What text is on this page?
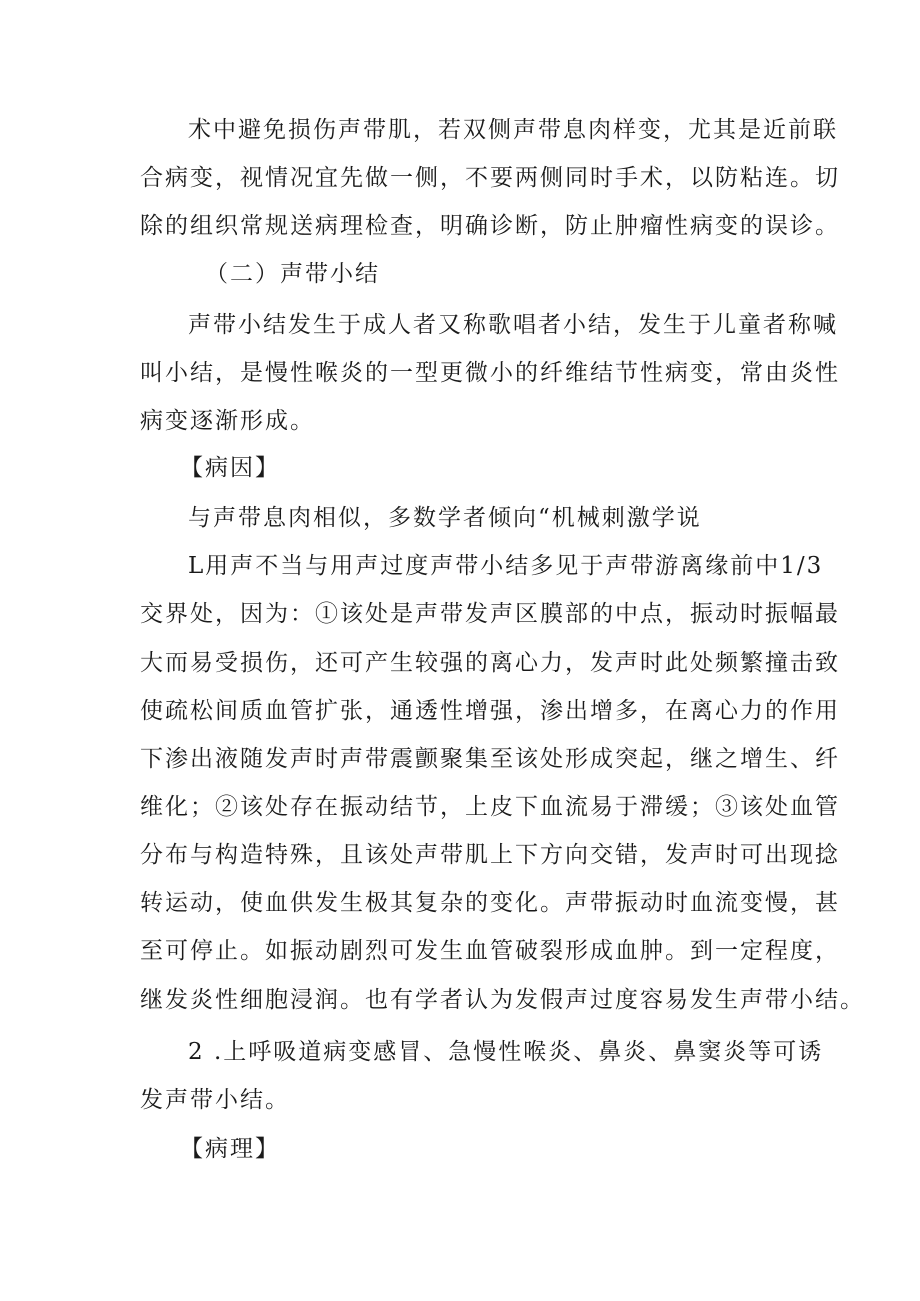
术中避免损伤声带肌，若双侧声带息肉样变，尤其是近前联
合病变，视情况宜先做一侧，不要两侧同时手术，以防粘连。切
除的组织常规送病理检查，明确诊断，防止肿瘤性病变的误诊。
（二）声带小结
声带小结发生于成人者又称歌唱者小结，发生于儿童者称喊
叫小结，是慢性喉炎的一型更微小的纤维结节性病变，常由炎性
病变逐渐形成。
【病因】
与声带息肉相似，多数学者倾向“机械刺激学说
L用声不当与用声过度声带小结多见于声带游离缘前中1/3
交界处，因为：①该处是声带发声区膜部的中点，振动时振幅最
大而易受损伤，还可产生较强的离心力，发声时此处频繁撞击致
使疏松间质血管扩张，通透性增强，渗出增多，在离心力的作用
下渗出液随发声时声带震颤聚集至该处形成突起，继之增生、纤
维化；②该处存在振动结节，上皮下血流易于滞缓；③该处血管
分布与构造特殊，且该处声带肌上下方向交错，发声时可出现捻
转运动，使血供发生极其复杂的变化。声带振动时血流变慢，甚
至可停止。如振动剧烈可发生血管破裂形成血肿。到一定程度，
继发炎性细胞浸润。也有学者认为发假声过度容易发生声带小结。
2 .上呼吸道病变感冒、急慢性喉炎、鼻炎、鼻窦炎等可诱
发声带小结。
【病理】
